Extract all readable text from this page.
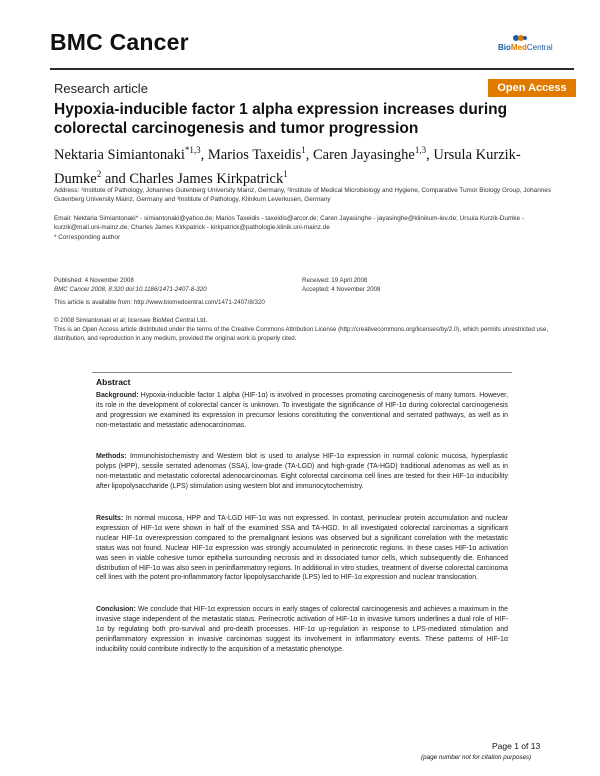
BMC Cancer	BioMedCentral
Research article	Open Access
Hypoxia-inducible factor 1 alpha expression increases during colorectal carcinogenesis and tumor progression
Nektaria Simiantonaki$^{*1,3}$, Marios Taxeidis$^1$, Caren Jayasinghe$^{1,3}$, Ursula Kurzik-Dumke$^2$ and Charles James Kirkpatrick$^1$
Address: ¹Institute of Pathology, Johannes Gutenberg University Mainz, Germany, ²Institute of Medical Microbiology and Hygiene, Comparative Tumor Biology Group, Johannes Gutenberg University Mainz, Germany and ³Institute of Pathology, Klinikum Leverkusen, Germany
Email: Nektaria Simiantonaki* - simiantonaki@yahoo.de; Marios Taxeidis - taxeidis@arcor.de; Caren Jayasinghe - jayasinghe@klinikum-lev.de; Ursula Kurzik-Dumke - kurzik@mail.uni-mainz.de; Charles James Kirkpatrick - kirkpatrick@pathologie.klinik.uni-mainz.de
* Corresponding author
Published: 4 November 2008
BMC Cancer 2008, 8:320 doi:10.1186/1471-2407-8-320
Received: 19 April 2008
Accepted: 4 November 2008
This article is available from: http://www.biomedcentral.com/1471-2407/8/320
© 2008 Simiantonaki et al; licensee BioMed Central Ltd.
This is an Open Access article distributed under the terms of the Creative Commons Attribution License (http://creativecommons.org/licenses/by/2.0), which permits unrestricted use, distribution, and reproduction in any medium, provided the original work is properly cited.
Abstract
Background: Hypoxia-inducible factor 1 alpha (HIF-1α) is involved in processes promoting carcinogenesis of many tumors. However, its role in the development of colorectal cancer is unknown. To investigate the significance of HIF-1α during colorectal carcinogenesis and progression we examined its expression in precursor lesions constituting the conventional and serrated pathways, as well as in non-metastatic and metastatic adenocarcinomas.
Methods: Immunohistochemistry and Western blot is used to analyse HIF-1α expression in normal colonic mucosa, hyperplastic polyps (HPP), sessile serrated adenomas (SSA), low-grade (TA-LGD) and high-grade (TA-HGD) traditional adenomas as well as in non-metastatic and metastatic colorectal adenocarcinomas. Eight colorectal carcinoma cell lines are tested for their HIF-1α inducibility after lipopolysaccharide (LPS) stimulation using western blot and immunocytochemistry.
Results: In normal mucosa, HPP and TA-LGD HIF-1α was not expressed. In contast, perinuclear protein accumulation and nuclear expression of HIF-1α were shown in half of the examined SSA and TA-HGD. In all investigated colorectal carcinomas a significant nuclear HIF-1α overexpression compared to the premalignant lesions was observed but a significant correlation with the metastatic status was not found. Nuclear HIF-1α expression was strongly accumulated in perinecrotic regions. In these cases HIF-1α activation was seen in viable cohesive tumor epithelia surrounding necrosis and in dissociated tumor cells, which subsequently die. Enhanced distribution of HIF-1α was also seen in periinflammatory regions. In additional in vitro studies, treatment of diverse colorectal carcinoma cell lines with the potent pro-inflammatory factor lipopolysaccharide (LPS) led to HIF-1α expression and nuclear translocation.
Conclusion: We conclude that HIF-1α expression occurs in early stages of colorectal carcinogenesis and achieves a maximum in the invasive stage independent of the metastatic status. Perinecrotic activation of HIF-1α in invasive tumors underlines a dual role of HIF-1α by regulating both pro-survival and pro-death processes. HIF-1α up-regulation in response to LPS-mediated stimulation and periinflammatory expression in invasive carcinomas suggest its involvement in inflammatory events. These patterns of HIF-1α inducibility could contribute indirectly to the acquisition of a metastatic phenotype.
Page 1 of 13
(page number not for citation purposes)
